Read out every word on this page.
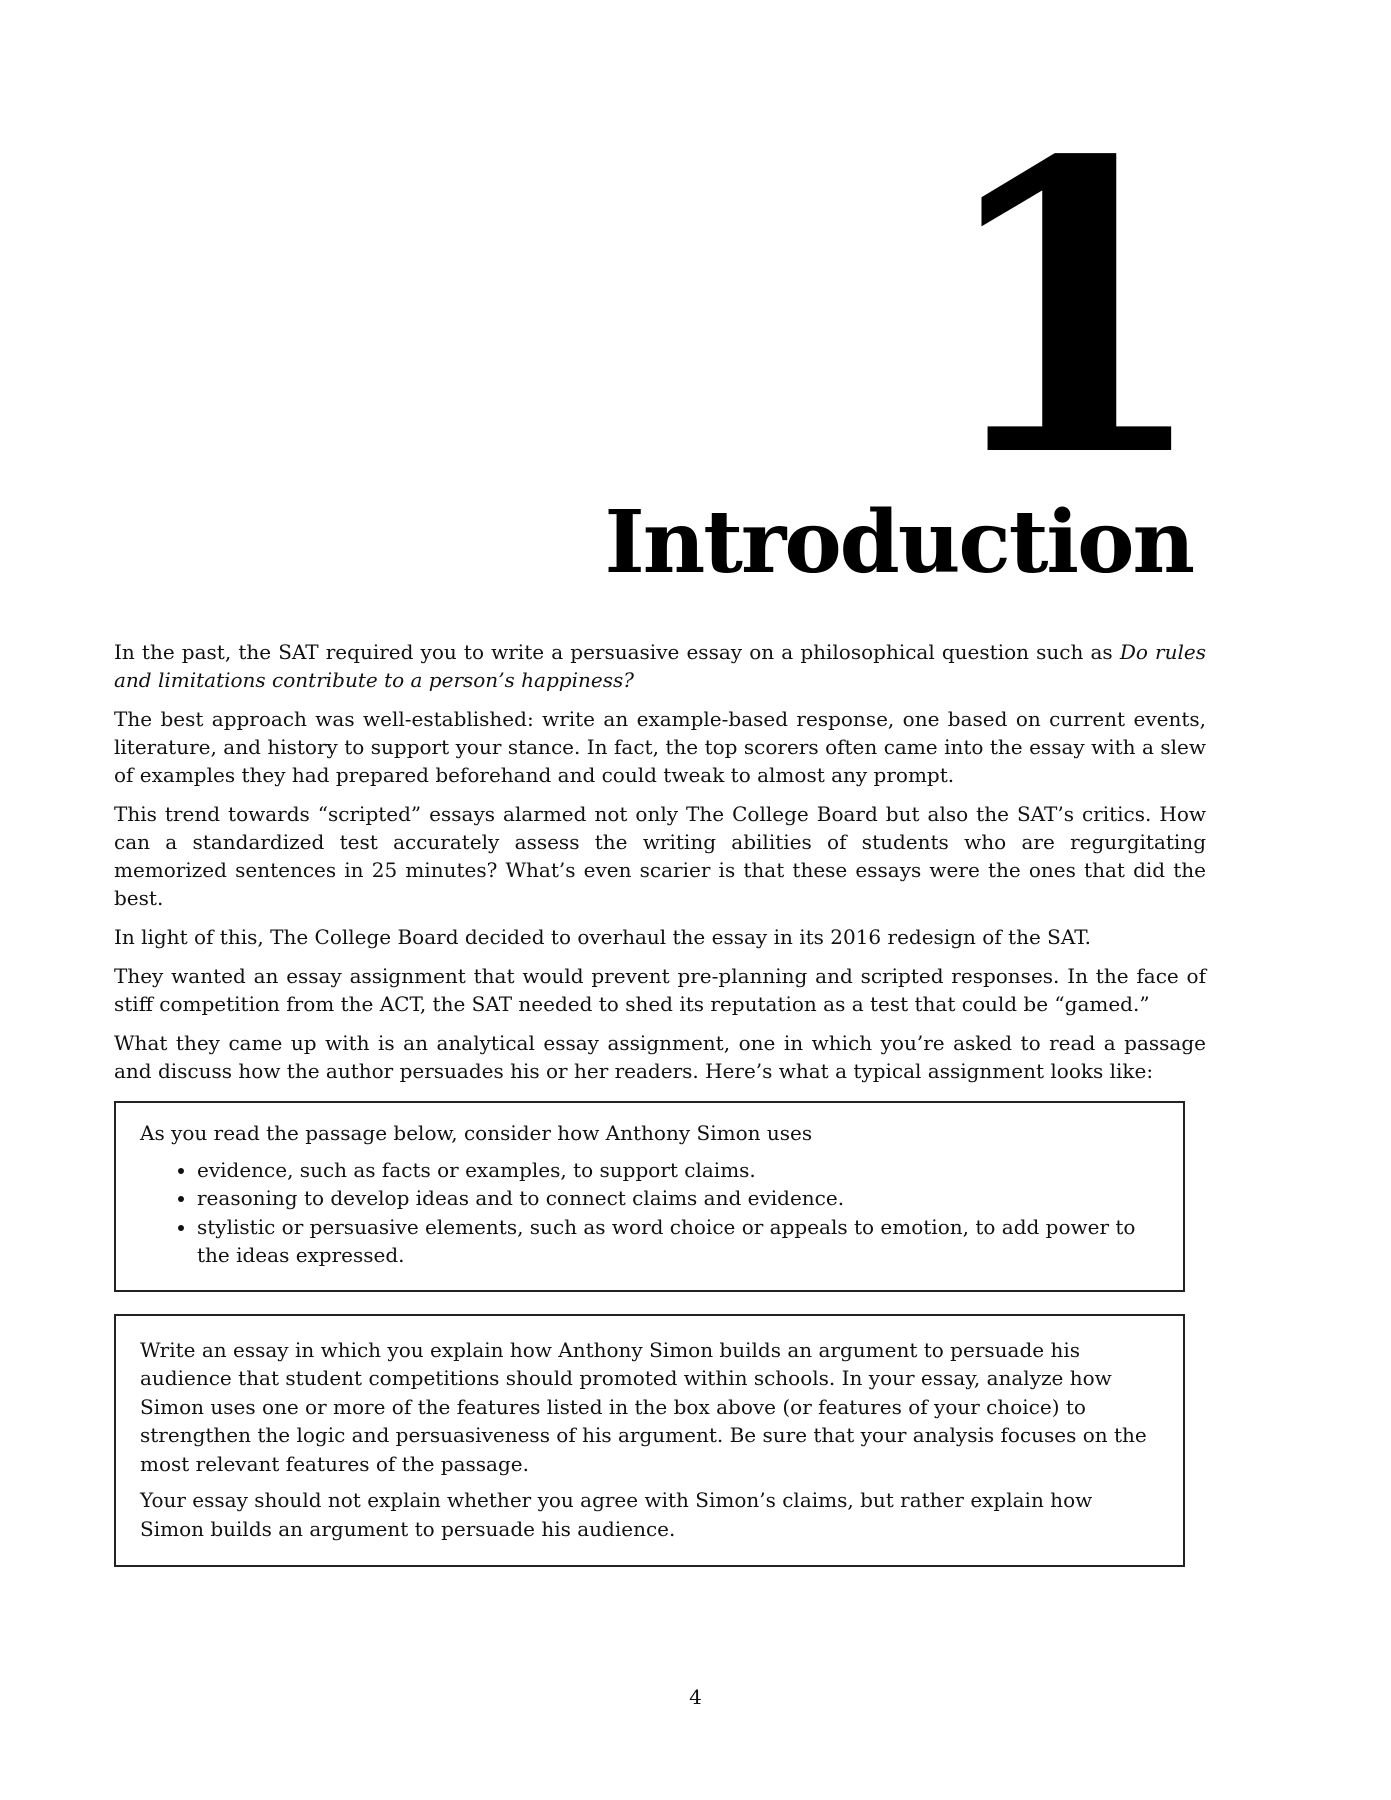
1
Introduction

In the past, the SAT required you to write a persuasive essay on a philosophical question such as Do rules and limitations contribute to a person’s happiness?

The best approach was well-established: write an example-based response, one based on current events, literature, and history to support your stance. In fact, the top scorers often came into the essay with a slew of examples they had prepared beforehand and could tweak to almost any prompt.

This trend towards “scripted” essays alarmed not only The College Board but also the SAT’s critics. How can a standardized test accurately assess the writing abilities of students who are regurgitating memorized sentences in 25 minutes? What’s even scarier is that these essays were the ones that did the best.

In light of this, The College Board decided to overhaul the essay in its 2016 redesign of the SAT.

They wanted an essay assignment that would prevent pre-planning and scripted responses. In the face of stiff competition from the ACT, the SAT needed to shed its reputation as a test that could be “gamed.”

What they came up with is an analytical essay assignment, one in which you’re asked to read a passage and discuss how the author persuades his or her readers. Here’s what a typical assignment looks like:

As you read the passage below, consider how Anthony Simon uses

• evidence, such as facts or examples, to support claims.
• reasoning to develop ideas and to connect claims and evidence.
• stylistic or persuasive elements, such as word choice or appeals to emotion, to add power to the ideas expressed.

Write an essay in which you explain how Anthony Simon builds an argument to persuade his audience that student competitions should promoted within schools. In your essay, analyze how Simon uses one or more of the features listed in the box above (or features of your choice) to strengthen the logic and persuasiveness of his argument. Be sure that your analysis focuses on the most relevant features of the passage.

Your essay should not explain whether you agree with Simon’s claims, but rather explain how Simon builds an argument to persuade his audience.

4
